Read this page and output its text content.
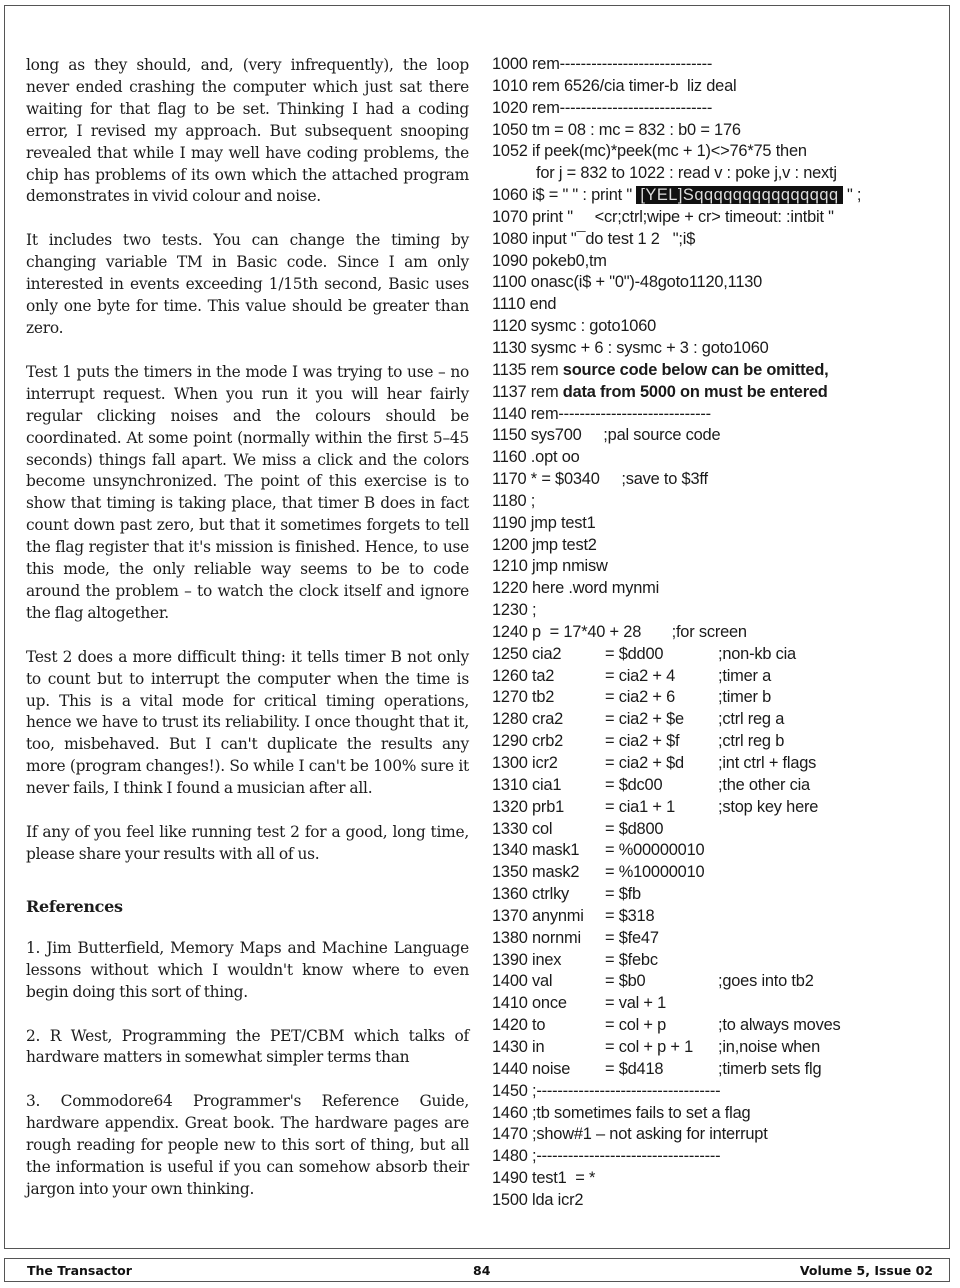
long as they should, and, (very infrequently), the loop never ended crashing the computer which just sat there waiting for that flag to be set. Thinking I had a coding error, I revised my approach. But subsequent snooping revealed that while I may well have coding problems, the chip has problems of its own which the attached program demonstrates in vivid colour and noise.

It includes two tests. You can change the timing by changing variable TM in Basic code. Since I am only interested in events exceeding 1/15th second, Basic uses only one byte for time. This value should be greater than zero.

Test 1 puts the timers in the mode I was trying to use – no interrupt request. When you run it you will hear fairly regular clicking noises and the colours should be coordinated. At some point (normally within the first 5–45 seconds) things fall apart. We miss a click and the colors become unsynchronized. The point of this exercise is to show that timing is taking place, that timer B does in fact count down past zero, but that it sometimes forgets to tell the flag register that it's mission is finished. Hence, to use this mode, the only reliable way seems to be to code around the problem – to watch the clock itself and ignore the flag altogether.

Test 2 does a more difficult thing: it tells timer B not only to count but to interrupt the computer when the time is up. This is a vital mode for critical timing operations, hence we have to trust its reliability. I once thought that it, too, misbehaved. But I can't duplicate the results any more (program changes!). So while I can't be 100% sure it never fails, I think I found a musician after all.

If any of you feel like running test 2 for a good, long time, please share your results with all of us.

References

1. Jim Butterfield, Memory Maps and Machine Language lessons without which I wouldn't know where to even begin doing this sort of thing.

2. R West, Programming the PET/CBM which talks of hardware matters in somewhat simpler terms than

3. Commodore64 Programmer's Reference Guide, hardware appendix. Great book. The hardware pages are rough reading for people new to this sort of thing, but all the information is useful if you can somehow absorb their jargon into your own thinking.

1000 rem-----------------------------
1010 rem 6526/cia timer-b  liz deal
1020 rem-----------------------------
1050 tm = 08 : mc = 832 : b0 = 176
1052 if peek(mc)*peek(mc + 1)<>76*75 then
for j = 832 to 1022 : read v : poke j,v : nextj
1060 i$ = " " : print " [YEL]Sqqqqqqqqqqqqqqq " ;
1070 print "     <cr;ctrl;wipe + cr> timeout: :intbit "
1080 input "¯do test 1 2   ";i$
1090 pokeb0,tm
1100 onasc(i$ + "0")-48goto1120,1130
1110 end
1120 sysmc : goto1060
1130 sysmc + 6 : sysmc + 3 : goto1060
1135 rem source code below can be omitted,
1137 rem data from 5000 on must be entered
1140 rem-----------------------------
1150 sys700     ;pal source code
1160 .opt oo
1170 * = $0340     ;save to $3ff
1180 ;
1190 jmp test1
1200 jmp test2
1210 jmp nmisw
1220 here .word mynmi
1230 ;
1240 p  = 17*40 + 28       ;for screen
1250 cia2	= $dd00	;non-kb cia
1260 ta2	= cia2 + 4	;timer a
1270 tb2	= cia2 + 6	;timer b
1280 cra2	= cia2 + $e ;ctrl reg a
1290 crb2	= cia2 + $f ;ctrl reg b
1300 icr2	= cia2 + $d ;int ctrl + flags
1310 cia1	= $dc00	;the other cia
1320 prb1 = cia1 + 1	;stop key here
1330 col	= $d800
1340 mask1 = %00000010
1350 mask2 = %10000010
1360 ctrlky = $fb
1370 anynmi = $318
1380 nornmi = $fe47
1390 inex	= $febc
1400 val	= $b0	;goes into tb2
1410 once = val + 1
1420 to	= col + p	;to always moves
1430 in	= col + p + 1 ;in,noise when
1440 noise = $d418	;timerb sets flg
1450 ;-----------------------------------
1460 ;tb sometimes fails to set a flag
1470 ;show#1 – not asking for interrupt
1480 ;-----------------------------------
1490 test1  = *
1500 lda icr2
The Transactor	84	Volume 5, Issue 02
